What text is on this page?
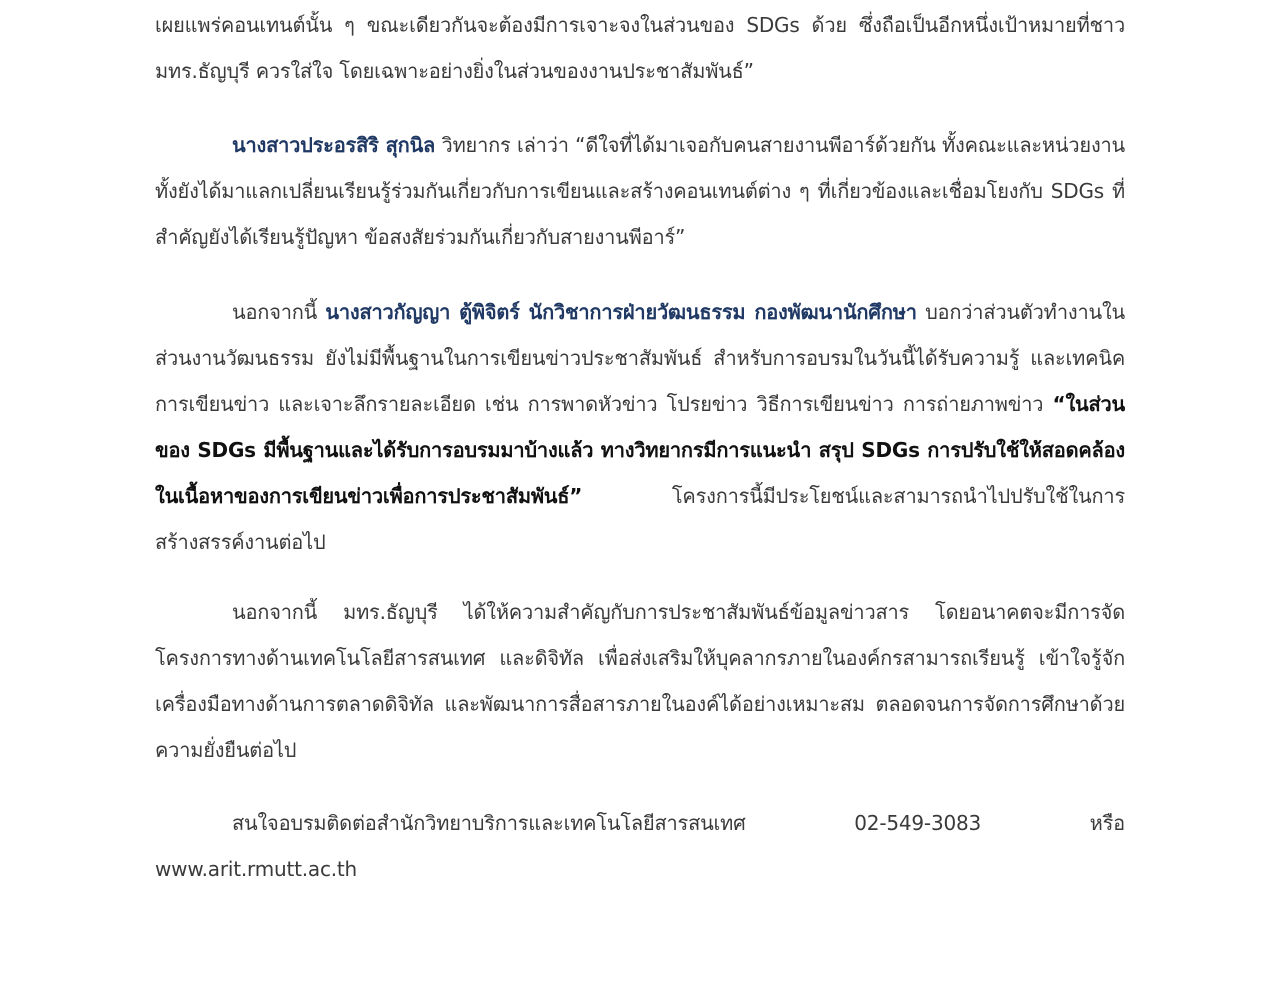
เผยแพร่คอนเทนต์นั้น ๆ ขณะเดียวกันจะต้องมีการเจาะจงในส่วนของ SDGs ด้วย ซึ่งถือเป็นอีกหนึ่งเป้าหมายที่ชาว มทร.ธัญบุรี ควรใส่ใจ โดยเฉพาะอย่างยิ่งในส่วนของงานประชาสัมพันธ์”

นางสาวประอรสิริ สุกนิล วิทยากร เล่าว่า “ดีใจที่ได้มาเจอกับคนสายงานพีอาร์ด้วยกัน ทั้งคณะและหน่วยงาน ทั้งยังได้มาแลกเปลี่ยนเรียนรู้ร่วมกันเกี่ยวกับการเขียนและสร้างคอนเทนต์ต่าง ๆ ที่เกี่ยวข้องและเชื่อมโยงกับ SDGs ที่สำคัญยังได้เรียนรู้ปัญหา ข้อสงสัยร่วมกันเกี่ยวกับสายงานพีอาร์”

นอกจากนี้ นางสาวกัญญา ตู้พิจิตร์ นักวิชาการฝ่ายวัฒนธรรม กองพัฒนานักศึกษา บอกว่าส่วนตัวทำงานในส่วนงานวัฒนธรรม ยังไม่มีพื้นฐานในการเขียนข่าวประชาสัมพันธ์ สำหรับการอบรมในวันนี้ได้รับความรู้ และเทคนิคการเขียนข่าว และเจาะลึกรายละเอียด เช่น การพาดหัวข่าว โปรยข่าว วิธีการเขียนข่าว การถ่ายภาพข่าว “ในส่วนของ SDGs มีพื้นฐานและได้รับการอบรมมาบ้างแล้ว ทางวิทยากรมีการแนะนำ สรุป SDGs การปรับใช้ให้สอดคล้องในเนื้อหาของการเขียนข่าวเพื่อการประชาสัมพันธ์” โครงการนี้มีประโยชน์และสามารถนำไปปรับใช้ในการสร้างสรรค์งานต่อไป

นอกจากนี้ มทร.ธัญบุรี ได้ให้ความสำคัญกับการประชาสัมพันธ์ข้อมูลข่าวสาร โดยอนาคตจะมีการจัดโครงการทางด้านเทคโนโลยีสารสนเทศ และดิจิทัล เพื่อส่งเสริมให้บุคลากรภายในองค์กรสามารถเรียนรู้ เข้าใจรู้จักเครื่องมือทางด้านการตลาดดิจิทัล และพัฒนาการสื่อสารภายในองค์ได้อย่างเหมาะสม ตลอดจนการจัดการศึกษาด้วยความยั่งยืนต่อไป

สนใจอบรมติดต่อสำนักวิทยาบริการและเทคโนโลยีสารสนเทศ 02-549-3083 หรือ www.arit.rmutt.ac.th
